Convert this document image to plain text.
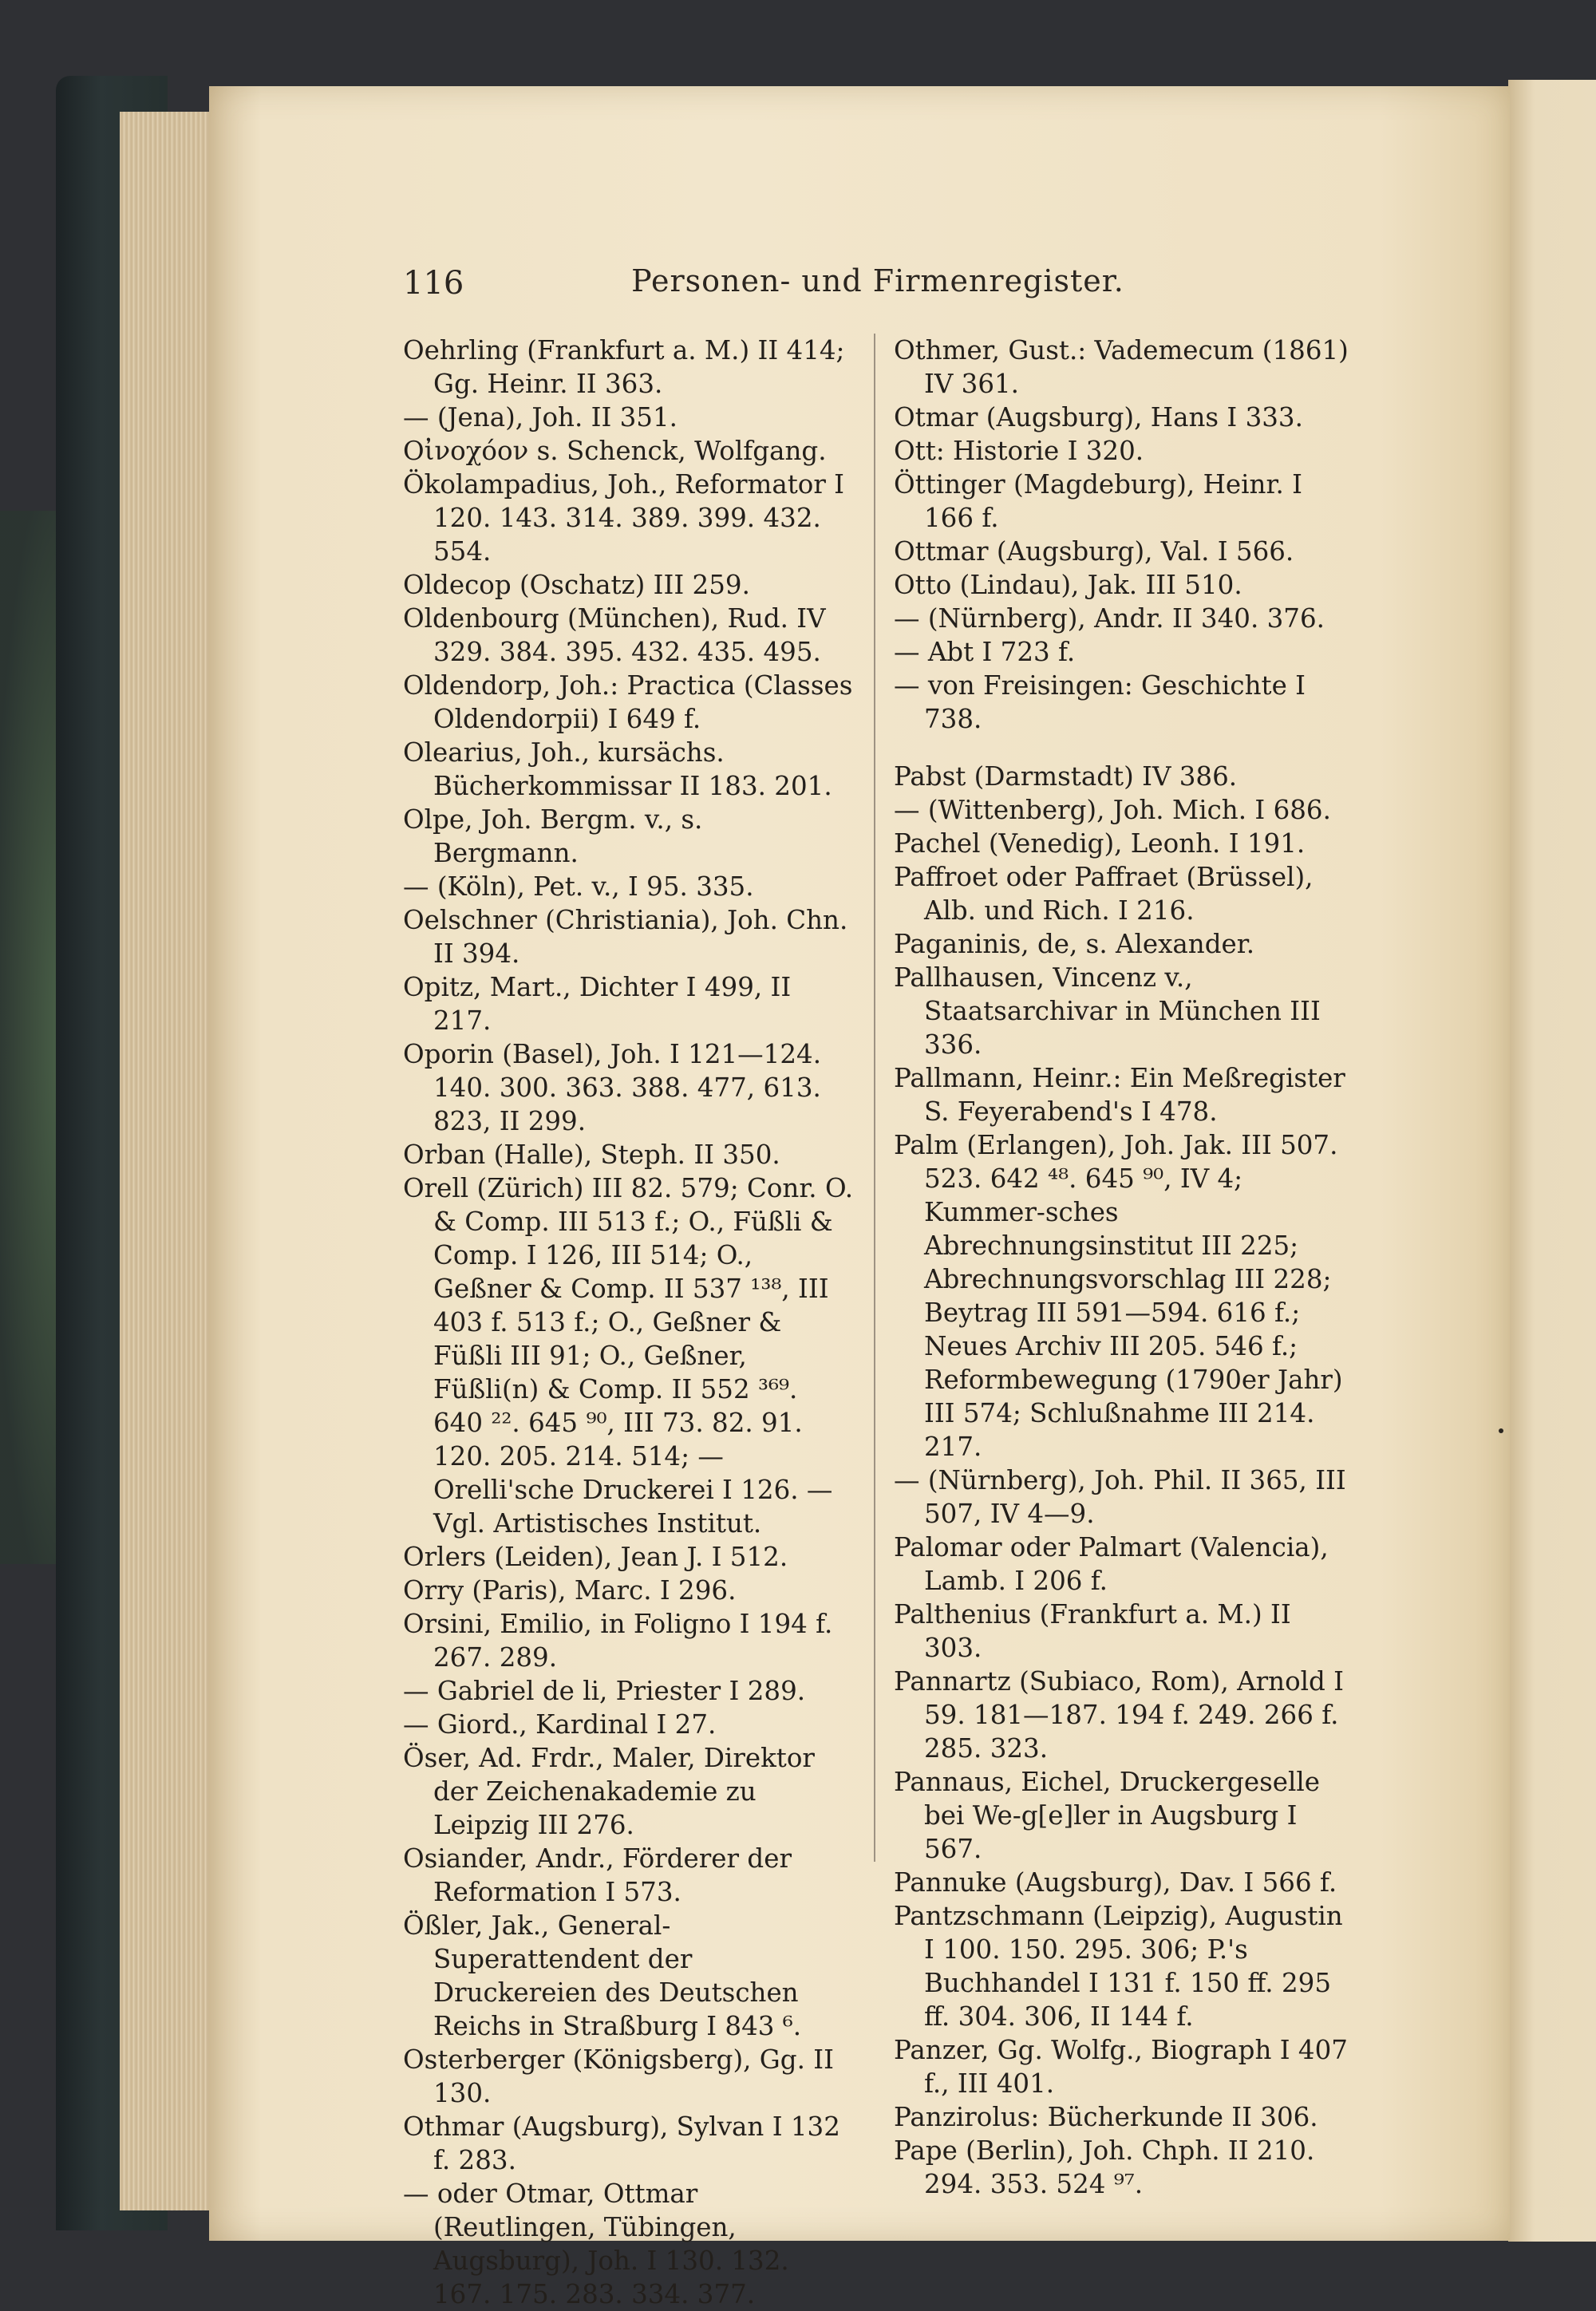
116	Personen- und Firmenregister.
Oehrling (Frankfurt a. M.) II 414; Gg. Heinr. II 363.
— (Jena), Joh. II 351.
Οἰνοχόον s. Schenck, Wolfgang.
Ökolampadius, Joh., Reformator I 120. 143. 314. 389. 399. 432. 554.
Oldecop (Oschatz) III 259.
Oldenbourg (München), Rud. IV 329. 384. 395. 432. 435. 495.
Oldendorp, Joh.: Practica (Classes Oldendorpii) I 649 f.
Olearius, Joh., kursächs. Bücherkommissar II 183. 201.
Olpe, Joh. Bergm. v., s. Bergmann.
— (Köln), Pet. v., I 95. 335.
Oelschner (Christiania), Joh. Chn. II 394.
Opitz, Mart., Dichter I 499, II 217.
Oporin (Basel), Joh. I 121—124. 140. 300. 363. 388. 477, 613. 823, II 299.
Orban (Halle), Steph. II 350.
Orell (Zürich) III 82. 579; Conr. O. & Comp. III 513 f.; O., Füßli & Comp. I 126, III 514; O., Geßner & Comp. II 537 ¹³⁸, III 403 f. 513 f.; O., Geßner & Füßli III 91; O., Geßner, Füßli(n) & Comp. II 552 ³⁶⁹. 640 ²². 645 ⁹⁰, III 73. 82. 91. 120. 205. 214. 514; — Orelli'sche Druckerei I 126. — Vgl. Artistisches Institut.
Orlers (Leiden), Jean J. I 512.
Orry (Paris), Marc. I 296.
Orsini, Emilio, in Foligno I 194 f. 267. 289.
— Gabriel de li, Priester I 289.
— Giord., Kardinal I 27.
Öser, Ad. Frdr., Maler, Direktor der Zeichenakademie zu Leipzig III 276.
Osiander, Andr., Förderer der Reformation I 573.
Ößler, Jak., General-Superattendent der Druckereien des Deutschen Reichs in Straßburg I 843 ⁶.
Osterberger (Königsberg), Gg. II 130.
Othmar (Augsburg), Sylvan I 132 f. 283.
— oder Otmar, Ottmar (Reutlingen, Tübingen, Augsburg), Joh. I 130. 132. 167. 175. 283. 334. 377.
Othmer, Gust.: Vademecum (1861) IV 361.
Otmar (Augsburg), Hans I 333.
Ott: Historie I 320.
Öttinger (Magdeburg), Heinr. I 166 f.
Ottmar (Augsburg), Val. I 566.
Otto (Lindau), Jak. III 510.
— (Nürnberg), Andr. II 340. 376.
— Abt I 723 f.
— von Freisingen: Geschichte I 738.
Pabst (Darmstadt) IV 386.
— (Wittenberg), Joh. Mich. I 686.
Pachel (Venedig), Leonh. I 191.
Paffroet oder Paffraet (Brüssel), Alb. und Rich. I 216.
Paganinis, de, s. Alexander.
Pallhausen, Vincenz v., Staatsarchivar in München III 336.
Pallmann, Heinr.: Ein Meßregister S. Feyerabend's I 478.
Palm (Erlangen), Joh. Jak. III 507. 523. 642 ⁴⁸. 645 ⁹⁰, IV 4; Kummer-sches Abrechnungsinstitut III 225; Abrechnungsvorschlag III 228; Beytrag III 591—594. 616 f.; Neues Archiv III 205. 546 f.; Reformbewegung (1790er Jahr) III 574; Schlußnahme III 214. 217.
— (Nürnberg), Joh. Phil. II 365, III 507, IV 4—9.
Palomar oder Palmart (Valencia), Lamb. I 206 f.
Palthenius (Frankfurt a. M.) II 303.
Pannartz (Subiaco, Rom), Arnold I 59. 181—187. 194 f. 249. 266 f. 285. 323.
Pannaus, Eichel, Druckergeselle bei We-g[e]ler in Augsburg I 567.
Pannuke (Augsburg), Dav. I 566 f.
Pantzschmann (Leipzig), Augustin I 100. 150. 295. 306; P.'s Buchhandel I 131 f. 150 ff. 295 ff. 304. 306, II 144 f.
Panzer, Gg. Wolfg., Biograph I 407 f., III 401.
Panzirolus: Bücherkunde II 306.
Pape (Berlin), Joh. Chph. II 210. 294. 353. 524 ⁹⁷.
